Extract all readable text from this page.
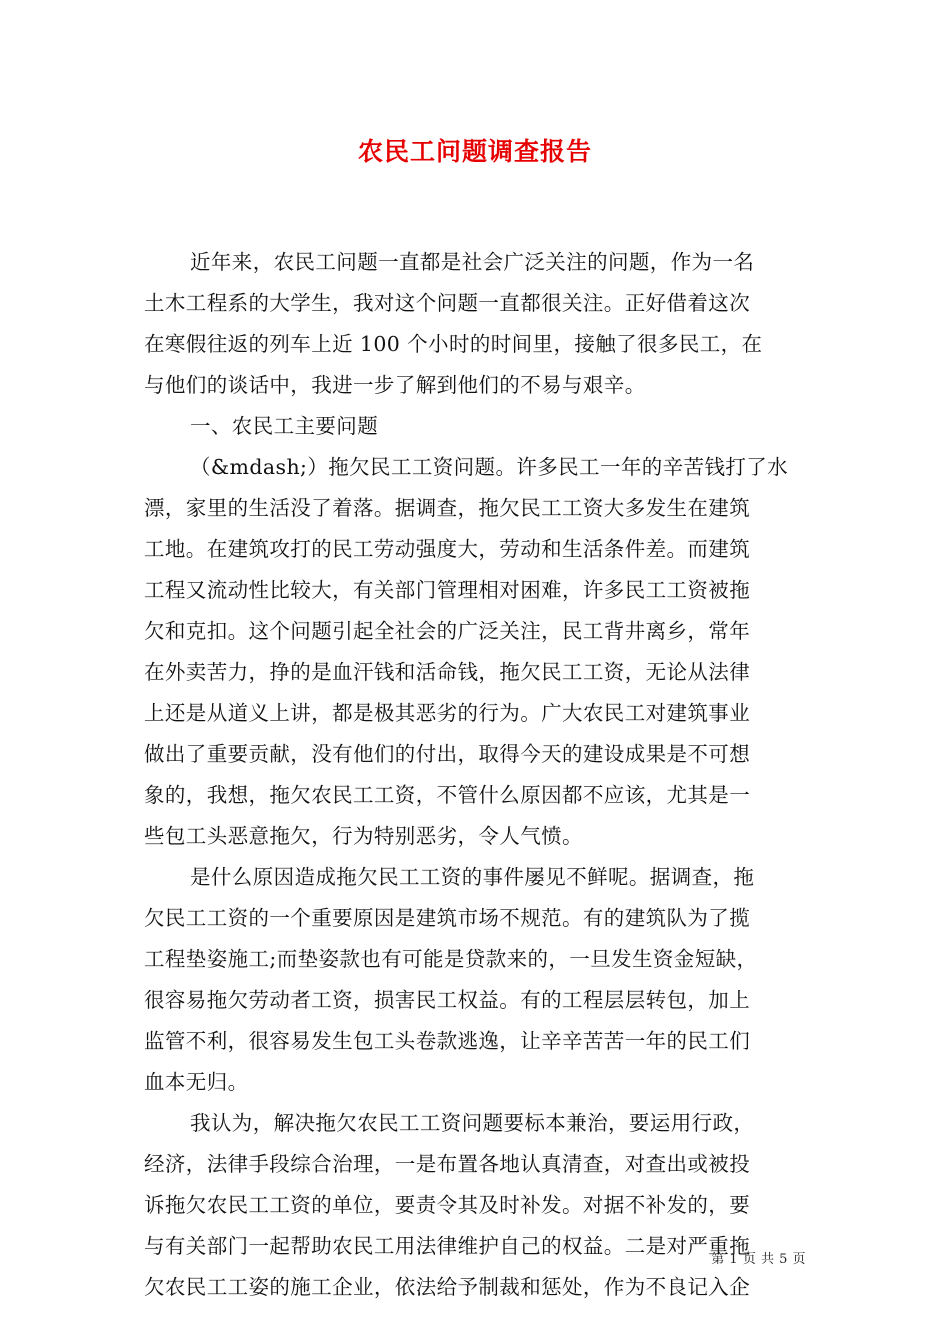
农民工问题调查报告
近年来，农民工问题一直都是社会广泛关注的问题，作为一名
土木工程系的大学生，我对这个问题一直都很关注。正好借着这次
在寒假往返的列车上近 100 个小时的时间里，接触了很多民工，在
与他们的谈话中，我进一步了解到他们的不易与艰辛。
一、农民工主要问题
（&mdash;）拖欠民工工资问题。许多民工一年的辛苦钱打了水
漂，家里的生活没了着落。据调查，拖欠民工工资大多发生在建筑
工地。在建筑攻打的民工劳动强度大，劳动和生活条件差。而建筑
工程又流动性比较大，有关部门管理相对困难，许多民工工资被拖
欠和克扣。这个问题引起全社会的广泛关注，民工背井离乡，常年
在外卖苦力，挣的是血汗钱和活命钱，拖欠民工工资，无论从法律
上还是从道义上讲，都是极其恶劣的行为。广大农民工对建筑事业
做出了重要贡献，没有他们的付出，取得今天的建设成果是不可想
象的，我想，拖欠农民工工资，不管什么原因都不应该，尤其是一
些包工头恶意拖欠，行为特别恶劣，令人气愤。
是什么原因造成拖欠民工工资的事件屡见不鲜呢。据调查，拖
欠民工工资的一个重要原因是建筑市场不规范。有的建筑队为了揽
工程垫姿施工;而垫姿款也有可能是贷款来的，一旦发生资金短缺，
很容易拖欠劳动者工资，损害民工权益。有的工程层层转包，加上
监管不利，很容易发生包工头卷款逃逸，让辛辛苦苦一年的民工们
血本无归。
我认为，解决拖欠农民工工资问题要标本兼治，要运用行政，
经济，法律手段综合治理，一是布置各地认真清查，对查出或被投
诉拖欠农民工工资的单位，要责令其及时补发。对据不补发的，要
与有关部门一起帮助农民工用法律维护自己的权益。二是对严重拖
欠农民工工姿的施工企业，依法给予制裁和惩处，作为不良记入企
第 1 页 共 5 页
